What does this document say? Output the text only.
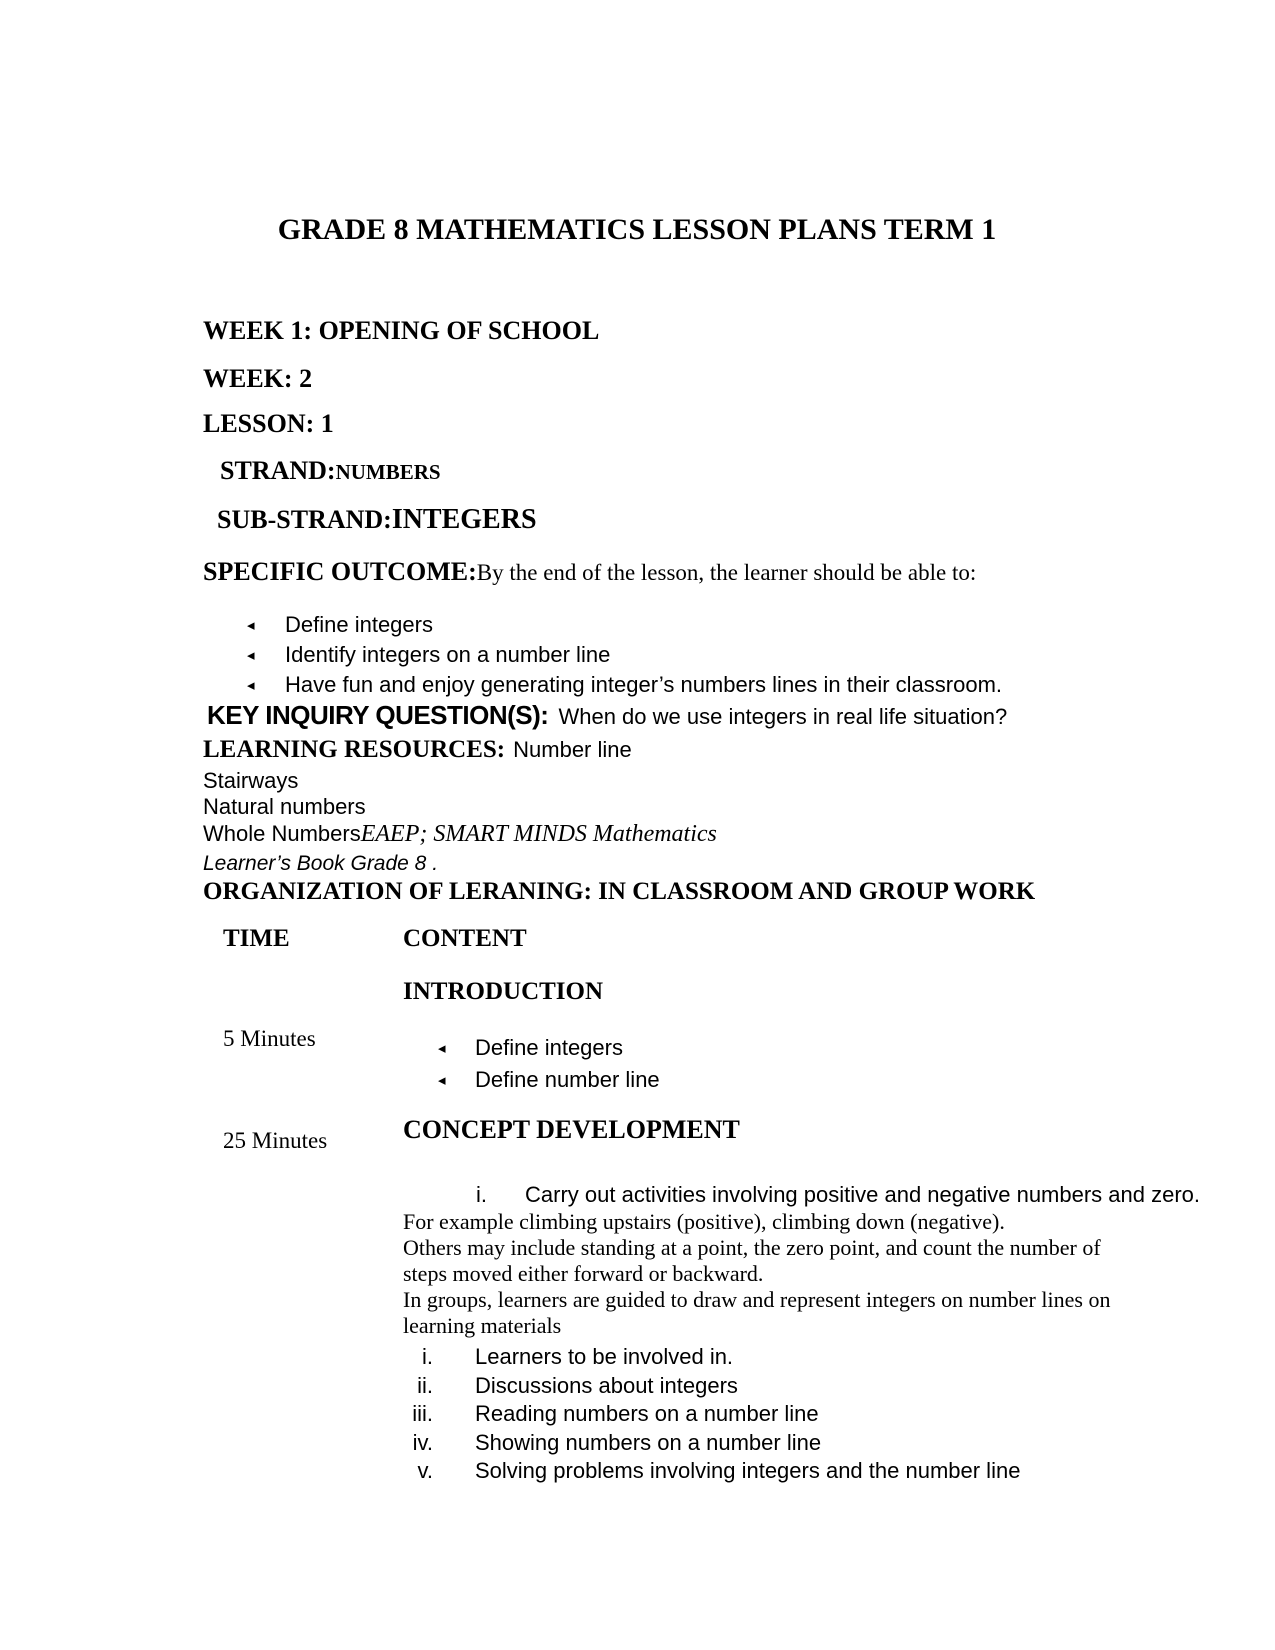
GRADE 8 MATHEMATICS LESSON PLANS TERM 1
WEEK 1: OPENING OF SCHOOL
WEEK: 2
LESSON: 1
STRAND:NUMBERS
SUB-STRAND:INTEGERS
SPECIFIC OUTCOME:By the end of the lesson, the learner should be able to:
◂ Define integers
◂ Identify integers on a number line
◂ Have fun and enjoy generating integer’s numbers lines in their classroom.
KEY INQUIRY QUESTION(S): When do we use integers in real life situation?
LEARNING RESOURCES: Number line
Stairways
Natural numbers
Whole NumbersEAEP; SMART MINDS Mathematics
Learner’s Book Grade 8 .
ORGANIZATION OF LERANING: IN CLASSROOM AND GROUP WORK
TIME	CONTENT
INTRODUCTION
5 Minutes	◂ Define integers
◂ Define number line
25 Minutes	CONCEPT DEVELOPMENT
i. Carry out activities involving positive and negative numbers and zero.
For example climbing upstairs (positive), climbing down (negative).
Others may include standing at a point, the zero point, and count the number of
steps moved either forward or backward.
In groups, learners are guided to draw and represent integers on number lines on
learning materials
i. Learners to be involved in.
ii. Discussions about integers
iii. Reading numbers on a number line
iv. Showing numbers on a number line
v. Solving problems involving integers and the number line
